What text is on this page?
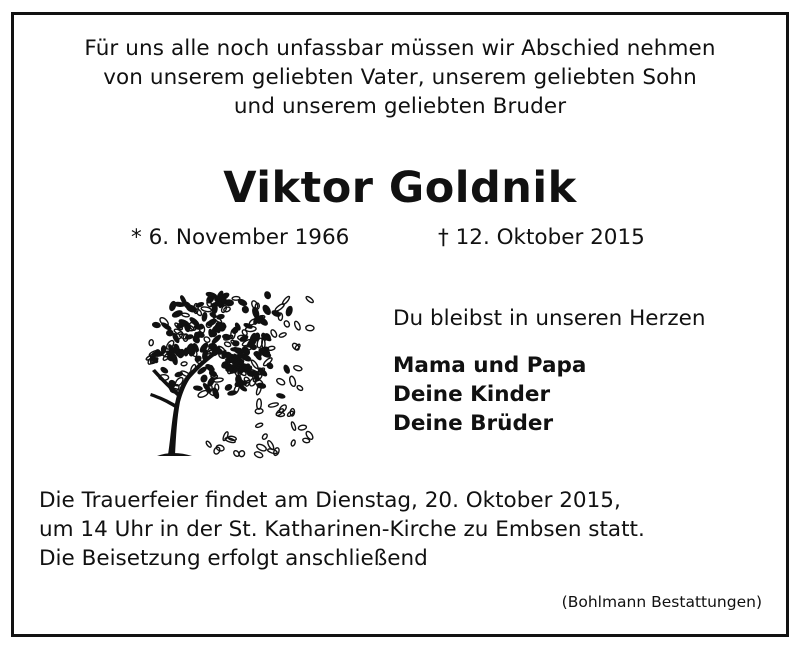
Für uns alle noch unfassbar müssen wir Abschied nehmen
von unserem geliebten Vater, unserem geliebten Sohn
und unserem geliebten Bruder
Viktor Goldnik
* 6. November 1966	† 12. Oktober 2015
Du bleibst in unseren Herzen
Mama und Papa
Deine Kinder
Deine Brüder
Die Trauerfeier findet am Dienstag, 20. Oktober 2015,
um 14 Uhr in der St. Katharinen-Kirche zu Embsen statt.
Die Beisetzung erfolgt anschließend
(Bohlmann Bestattungen)
